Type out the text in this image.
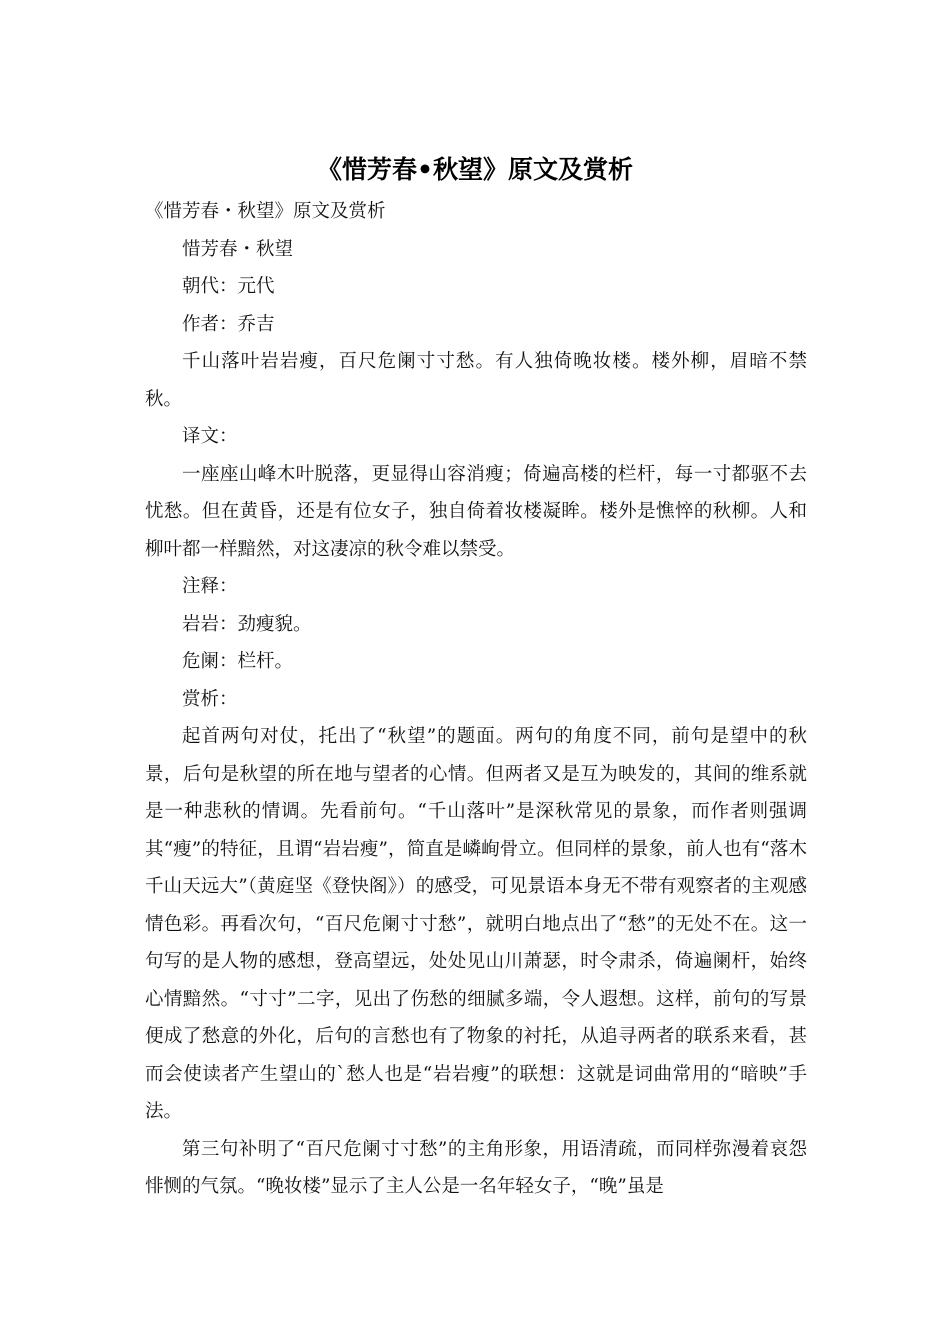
《惜芳春•秋望》原文及赏析

《惜芳春・秋望》原文及赏析

惜芳春・秋望

朝代：元代

作者：乔吉

千山落叶岩岩瘦，百尺危阑寸寸愁。有人独倚晚妆楼。楼外柳，眉暗不禁秋。

译文：

一座座山峰木叶脱落，更显得山容消瘦；倚遍高楼的栏杆，每一寸都驱不去忧愁。但在黄昏，还是有位女子，独自倚着妆楼凝眸。楼外是憔悴的秋柳。人和柳叶都一样黯然，对这凄凉的秋令难以禁受。

注释：

岩岩：劲瘦貌。

危阑：栏杆。

赏析：

起首两句对仗，托出了“秋望”的题面。两句的角度不同，前句是望中的秋景，后句是秋望的所在地与望者的心情。但两者又是互为映发的，其间的维系就是一种悲秋的情调。先看前句。“千山落叶”是深秋常见的景象，而作者则强调其“瘦”的特征，且谓“岩岩瘦”，简直是嶙峋骨立。但同样的景象，前人也有“落木千山天远大”（黄庭坚《登快阁》）的感受，可见景语本身无不带有观察者的主观感情色彩。再看次句，“百尺危阑寸寸愁”，就明白地点出了“愁”的无处不在。这一句写的是人物的感想，登高望远，处处见山川萧瑟，时令肃杀，倚遍阑杆，始终心情黯然。“寸寸”二字，见出了伤愁的细腻多端，令人遐想。这样，前句的写景便成了愁意的外化，后句的言愁也有了物象的衬托，从追寻两者的联系来看，甚而会使读者产生望山的`愁人也是“岩岩瘦”的联想：这就是词曲常用的“暗映”手法。

第三句补明了“百尺危阑寸寸愁”的主角形象，用语清疏，而同样弥漫着哀怨悱恻的气氛。“晚妆楼”显示了主人公是一名年轻女子，“晚”虽是
